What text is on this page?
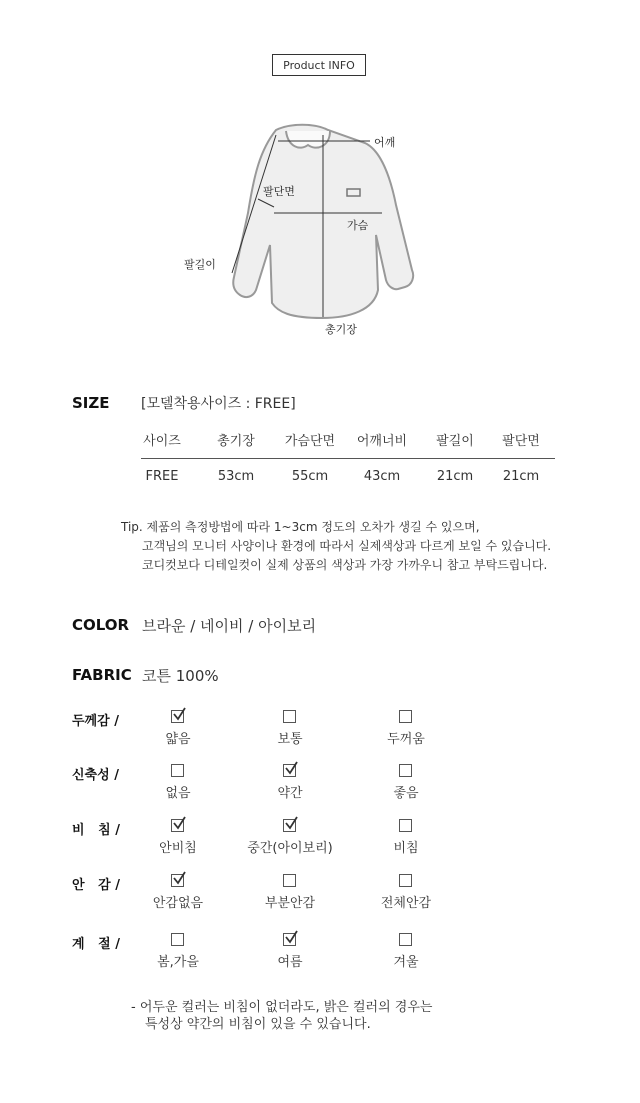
Product INFO
어깨
팔단면
가슴
팔길이
총기장
SIZE [모델착용사이즈 : FREE]
사이즈	총기장	가슴단면	어깨너비	팔길이	팔단면
FREE	53cm	55cm	43cm	21cm	21cm
Tip. 제품의 측정방법에 따라 1~3cm 정도의 오차가 생길 수 있으며,
고객님의 모니터 사양이나 환경에 따라서 실제색상과 다르게 보일 수 있습니다.
코디컷보다 디테일컷이 실제 상품의 색상과 가장 가까우니 참고 부탁드립니다.
COLOR 브라운 / 네이비 / 아이보리
FABRIC 코튼 100%
두께감 /
얇음	보통	두꺼움
신축성 /
없음	약간	좋음
비   침 /
안비침	중간(아이보리)	비침
안   감 /
안감없음	부분안감	전체안감
계   절 /
봄,가을	여름	겨울
- 어두운 컬러는 비침이 없더라도, 밝은 컬러의 경우는
특성상 약간의 비침이 있을 수 있습니다.
